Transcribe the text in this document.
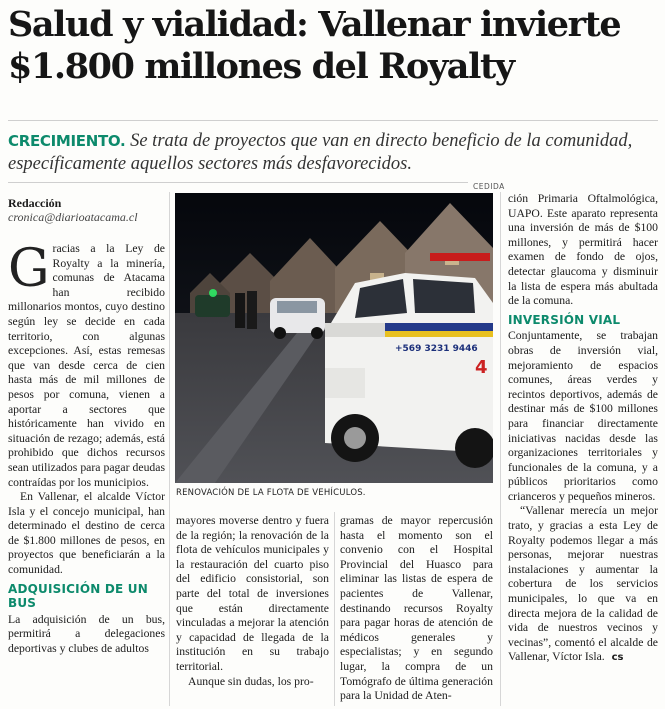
Salud y vialidad: Vallenar invierte
$1.800 millones del Royalty
CRECIMIENTO. Se trata de proyectos que van en directo beneficio de la comunidad, específicamente aquellos sectores más desfavorecidos.
Redacción
cronica@diarioatacama.cl

G racias a la Ley de Royalty a la minería, comunas de Atacama han recibido millonarios montos, cuyo destino según ley se decide en cada territorio, con algunas excepciones. Así, estas remesas que van desde cerca de cien hasta más de mil millones de pesos por comuna, vienen a aportar a sectores que históricamente han vivido en situación de rezago; además, está prohibido que dichos recursos sean utilizados para pagar deudas contraídas por los municipios.

En Vallenar, el alcalde Víctor Isla y el concejo municipal, han determinado el destino de cerca de $1.800 millones de pesos, en proyectos que beneficiarán a la comunidad.

ADQUISICIÓN DE UN BUS

La adquisición de un bus, permitirá a delegaciones deportivas y clubes de adultos

CEDIDA
+569 3231 9446
4
RENOVACIÓN DE LA FLOTA DE VEHÍCULOS.

mayores moverse dentro y fuera de la región; la renovación de la flota de vehículos municipales y la restauración del cuarto piso del edificio consistorial, son parte del total de inversiones que están directamente vinculadas a mejorar la atención y capacidad de llegada de la institución en su trabajo territorial.

Aunque sin dudas, los pro-

gramas de mayor repercusión hasta el momento son el convenio con el Hospital Provincial del Huasco para eliminar las listas de espera de pacientes de Vallenar, destinando recursos Royalty para pagar horas de atención de médicos generales y especialistas; y en segundo lugar, la compra de un Tomógrafo de última generación para la Unidad de Aten-

ción Primaria Oftalmológica, UAPO. Este aparato representa una inversión de más de $100 millones, y permitirá hacer examen de fondo de ojos, detectar glaucoma y disminuir la lista de espera más abultada de la comuna.

INVERSIÓN VIAL

Conjuntamente, se trabajan obras de inversión vial, mejoramiento de espacios comunes, áreas verdes y recintos deportivos, además de destinar más de $100 millones para financiar directamente iniciativas nacidas desde las organizaciones territoriales y funcionales de la comuna, y a públicos prioritarios como crianceros y pequeños mineros.

“Vallenar merecía un mejor trato, y gracias a esta Ley de Royalty podemos llegar a más personas, mejorar nuestras instalaciones y aumentar la cobertura de los servicios municipales, lo que va en directa mejora de la calidad de vida de nuestros vecinos y vecinas”, comentó el alcalde de Vallenar, Víctor Isla. cs
